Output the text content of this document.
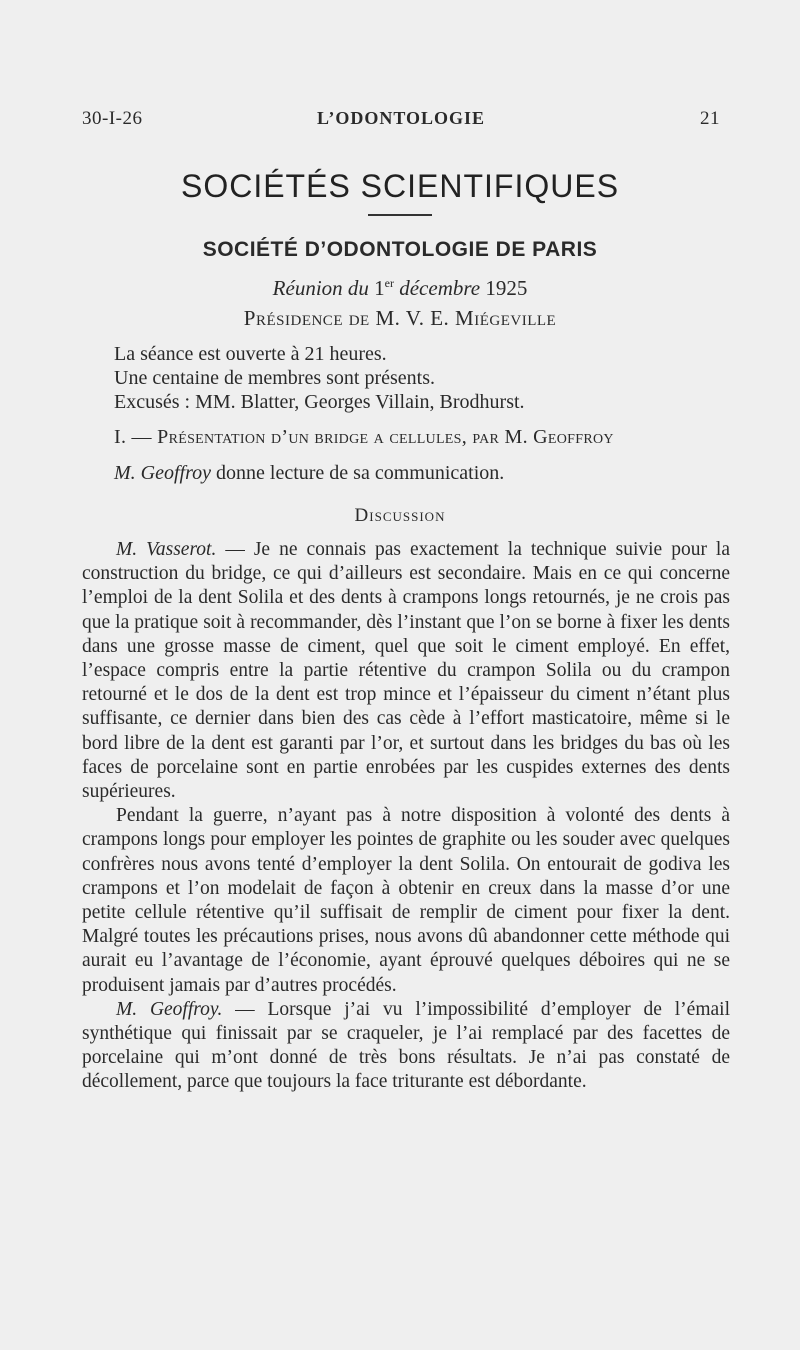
30-I-26	L’ODONTOLOGIE	21
SOCIÉTÉS SCIENTIFIQUES
SOCIÉTÉ D’ODONTOLOGIE DE PARIS
Réunion du 1er décembre 1925
Présidence de M. V. E. Miégeville
La séance est ouverte à 21 heures.
Une centaine de membres sont présents.
Excusés : MM. Blatter, Georges Villain, Brodhurst.
I. — Présentation d’un bridge a cellules, par M. Geoffroy
M. Geoffroy donne lecture de sa communication.
Discussion

M. Vasserot. — Je ne connais pas exactement la technique suivie pour la construction du bridge, ce qui d’ailleurs est secondaire. Mais en ce qui concerne l’emploi de la dent Solila et des dents à crampons longs retournés, je ne crois pas que la pratique soit à recommander, dès l’instant que l’on se borne à fixer les dents dans une grosse masse de ciment, quel que soit le ciment employé. En effet, l’espace compris entre la partie rétentive du crampon Solila ou du crampon retourné et le dos de la dent est trop mince et l’épaisseur du ciment n’étant plus suffisante, ce dernier dans bien des cas cède à l’effort masticatoire, même si le bord libre de la dent est garanti par l’or, et surtout dans les bridges du bas où les faces de porcelaine sont en partie enrobées par les cuspides externes des dents supérieures.

Pendant la guerre, n’ayant pas à notre disposition à volonté des dents à crampons longs pour employer les pointes de graphite ou les souder avec quelques confrères nous avons tenté d’employer la dent Solila. On entourait de godiva les crampons et l’on modelait de façon à obtenir en creux dans la masse d’or une petite cellule rétentive qu’il suffisait de remplir de ciment pour fixer la dent. Malgré toutes les précautions prises, nous avons dû abandonner cette méthode qui aurait eu l’avantage de l’économie, ayant éprouvé quelques déboires qui ne se produisent jamais par d’autres procédés.

M. Geoffroy. — Lorsque j’ai vu l’impossibilité d’employer de l’émail synthétique qui finissait par se craqueler, je l’ai remplacé par des facettes de porcelaine qui m’ont donné de très bons résultats. Je n’ai pas constaté de décollement, parce que toujours la face triturante est débordante.
